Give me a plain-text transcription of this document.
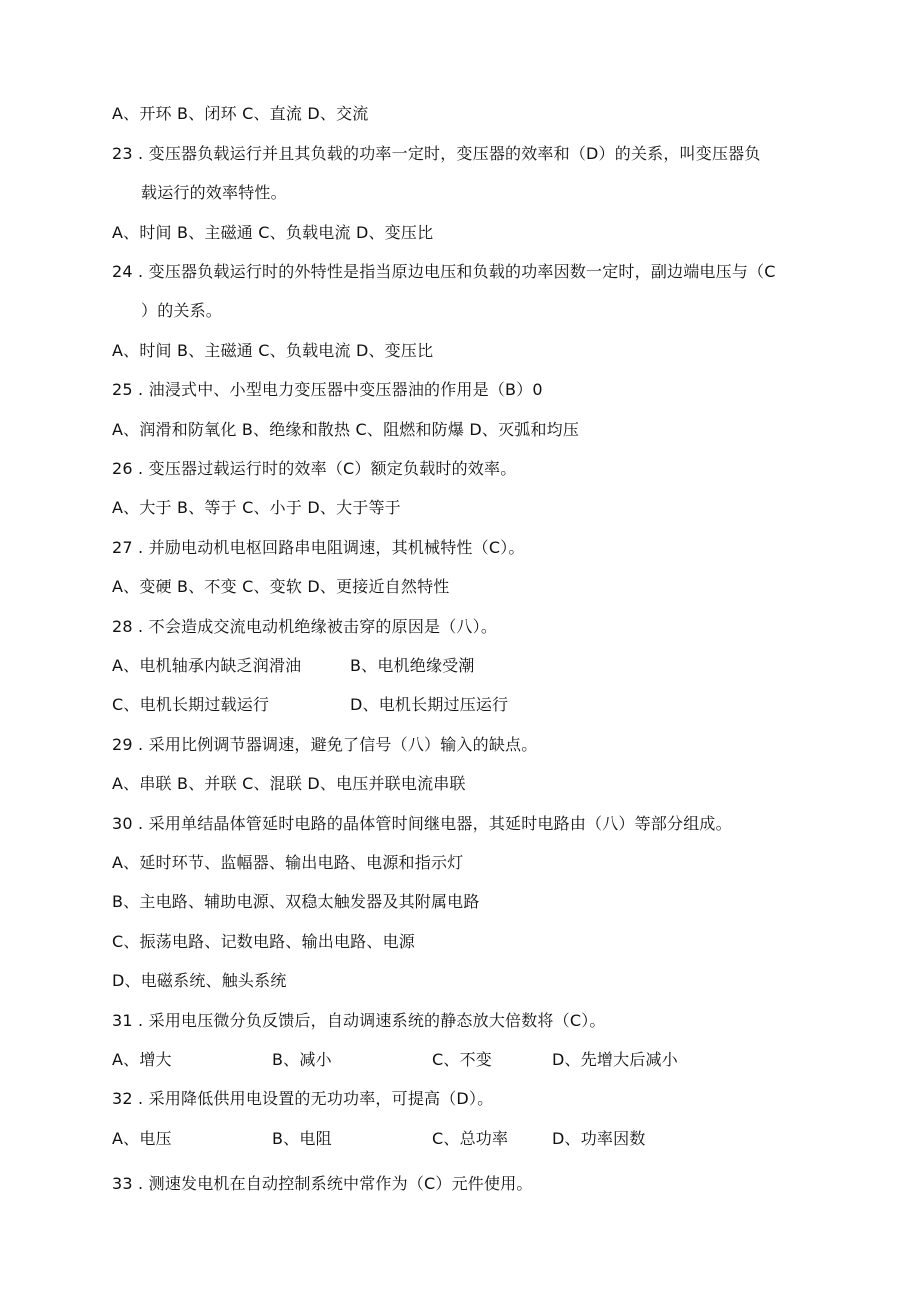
A、开环 B、闭环 C、直流 D、交流
23 . 变压器负载运行并且其负载的功率一定时，变压器的效率和（D）的关系，叫变压器负
载运行的效率特性。
A、时间 B、主磁通 C、负载电流 D、变压比
24 . 变压器负载运行时的外特性是指当原边电压和负载的功率因数一定时，副边端电压与（C
）的关系。
A、时间 B、主磁通 C、负载电流 D、变压比
25 . 油浸式中、小型电力变压器中变压器油的作用是（B）0
A、润滑和防氧化 B、绝缘和散热 C、阻燃和防爆 D、灭弧和均压
26 . 变压器过载运行时的效率（C）额定负载时的效率。
A、大于 B、等于 C、小于 D、大于等于
27 . 并励电动机电枢回路串电阻调速，其机械特性（C）。
A、变硬 B、不变 C、变软 D、更接近自然特性
28 . 不会造成交流电动机绝缘被击穿的原因是（八）。
A、电机轴承内缺乏润滑油	B、电机绝缘受潮
C、电机长期过载运行	D、电机长期过压运行
29 . 采用比例调节器调速，避免了信号（八）输入的缺点。
A、串联 B、并联 C、混联 D、电压并联电流串联
30 . 采用单结晶体管延时电路的晶体管时间继电器，其延时电路由（八）等部分组成。
A、延时环节、监幅器、输出电路、电源和指示灯
B、主电路、辅助电源、双稳太触发器及其附属电路
C、振荡电路、记数电路、输出电路、电源
D、电磁系统、触头系统
31 . 采用电压微分负反馈后，自动调速系统的静态放大倍数将（C）。
A、增大	B、减小	C、不变	D、先增大后减小
32 . 采用降低供用电设置的无功功率，可提高（D）。
A、电压	B、电阻	C、总功率	D、功率因数
33 . 测速发电机在自动控制系统中常作为（C）元件使用。
